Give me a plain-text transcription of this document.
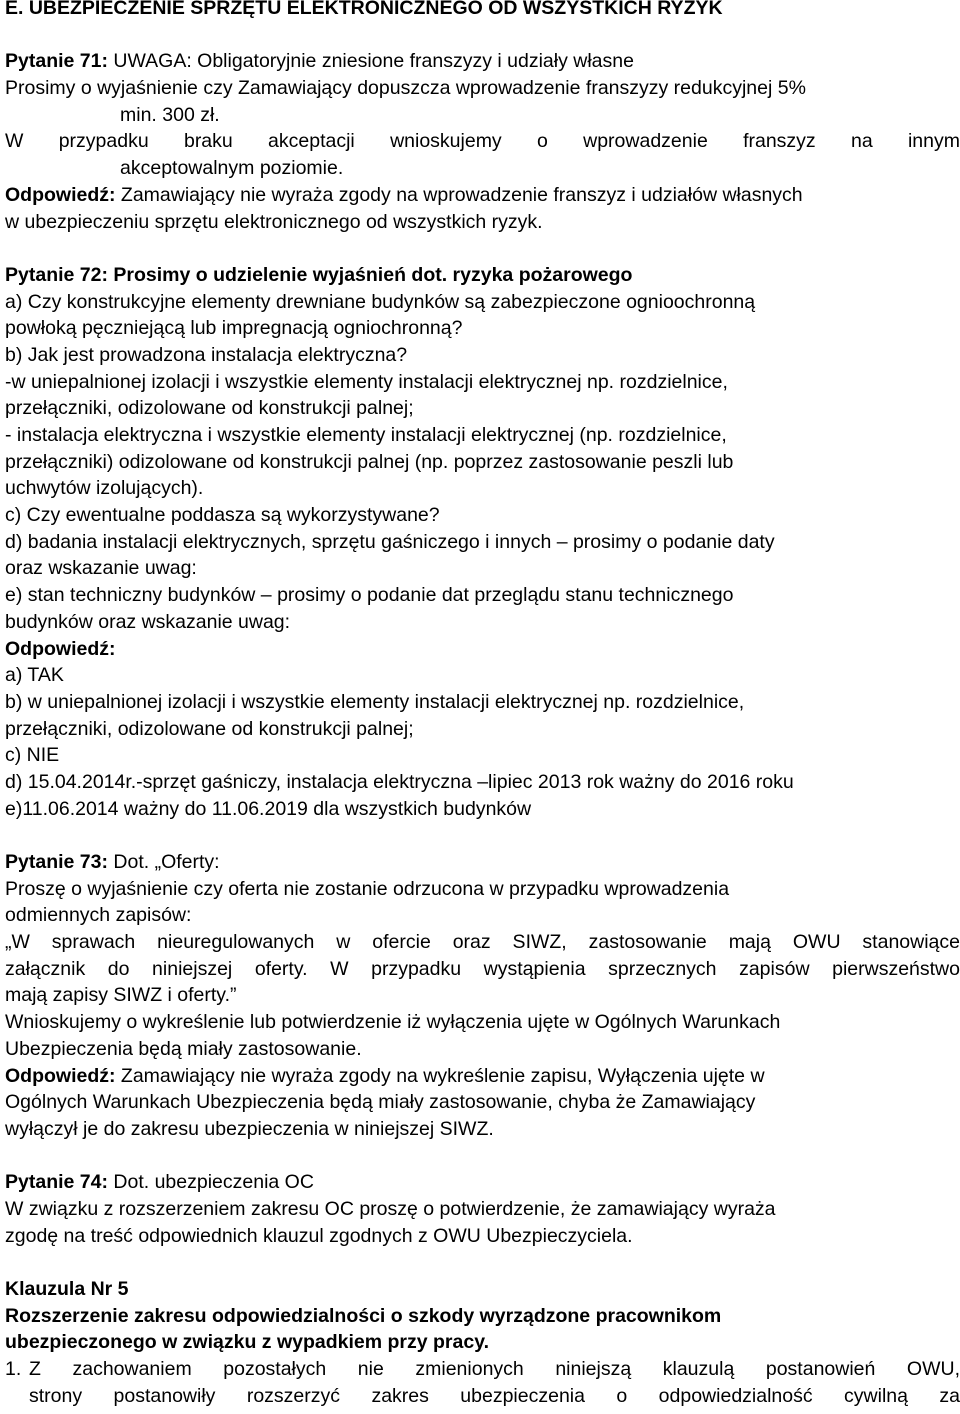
E. UBEZPIECZENIE SPRZĘTU ELEKTRONICZNEGO OD WSZYSTKICH RYZYK
Pytanie 71: UWAGA: Obligatoryjnie zniesione franszyzy i udziały własne
Prosimy o wyjaśnienie czy Zamawiający dopuszcza wprowadzenie franszyzy redukcyjnej 5%
min. 300 zł.
W przypadku braku akceptacji wnioskujemy o wprowadzenie franszyz na innym
akceptowalnym poziomie.
Odpowiedź: Zamawiający nie wyraża zgody na wprowadzenie franszyz i udziałów własnych
w ubezpieczeniu sprzętu elektronicznego od wszystkich ryzyk.
Pytanie 72: Prosimy o udzielenie wyjaśnień dot. ryzyka pożarowego
a) Czy konstrukcyjne elementy drewniane budynków są zabezpieczone ognioochronną
powłoką pęczniejącą lub impregnacją ogniochronną?
b) Jak jest prowadzona instalacja elektryczna?
-w uniepalnionej izolacji i wszystkie elementy instalacji elektrycznej np. rozdzielnice,
przełączniki, odizolowane od konstrukcji palnej;
- instalacja elektryczna i wszystkie elementy instalacji elektrycznej (np. rozdzielnice,
przełączniki) odizolowane od konstrukcji palnej (np. poprzez zastosowanie peszli lub
uchwytów izolujących).
c) Czy ewentualne poddasza są wykorzystywane?
d) badania instalacji elektrycznych, sprzętu gaśniczego i innych – prosimy o podanie daty
oraz wskazanie uwag:
e) stan techniczny budynków – prosimy o podanie dat przeglądu stanu technicznego
budynków oraz wskazanie uwag:
Odpowiedź:
a) TAK
b) w uniepalnionej izolacji i wszystkie elementy instalacji elektrycznej np. rozdzielnice,
przełączniki, odizolowane od konstrukcji palnej;
c) NIE
d) 15.04.2014r.-sprzęt gaśniczy, instalacja elektryczna –lipiec 2013 rok ważny do 2016 roku
e)11.06.2014 ważny do 11.06.2019 dla wszystkich budynków
Pytanie 73: Dot. „Oferty:
Proszę o wyjaśnienie czy oferta nie zostanie odrzucona w przypadku wprowadzenia
odmiennych zapisów:
„W sprawach nieuregulowanych w ofercie oraz SIWZ, zastosowanie mają OWU stanowiące
załącznik do niniejszej oferty. W przypadku wystąpienia sprzecznych zapisów pierwszeństwo
mają zapisy SIWZ i oferty.”
Wnioskujemy o wykreślenie lub potwierdzenie iż wyłączenia ujęte w Ogólnych Warunkach
Ubezpieczenia będą miały zastosowanie.
Odpowiedź: Zamawiający nie wyraża zgody na wykreślenie zapisu, Wyłączenia ujęte w
Ogólnych Warunkach Ubezpieczenia będą miały zastosowanie, chyba że Zamawiający
wyłączył je do zakresu ubezpieczenia w niniejszej SIWZ.
Pytanie 74: Dot. ubezpieczenia OC
W związku z rozszerzeniem zakresu OC proszę o potwierdzenie, że zamawiający wyraża
zgodę na treść odpowiednich klauzul zgodnych z OWU Ubezpieczyciela.
Klauzula Nr 5
Rozszerzenie zakresu odpowiedzialności o szkody wyrządzone pracownikom
ubezpieczonego w związku z wypadkiem przy pracy.
1. Z zachowaniem pozostałych nie zmienionych niniejszą klauzulą postanowień OWU,
strony postanowiły rozszerzyć zakres ubezpieczenia o odpowiedzialność cywilną za
